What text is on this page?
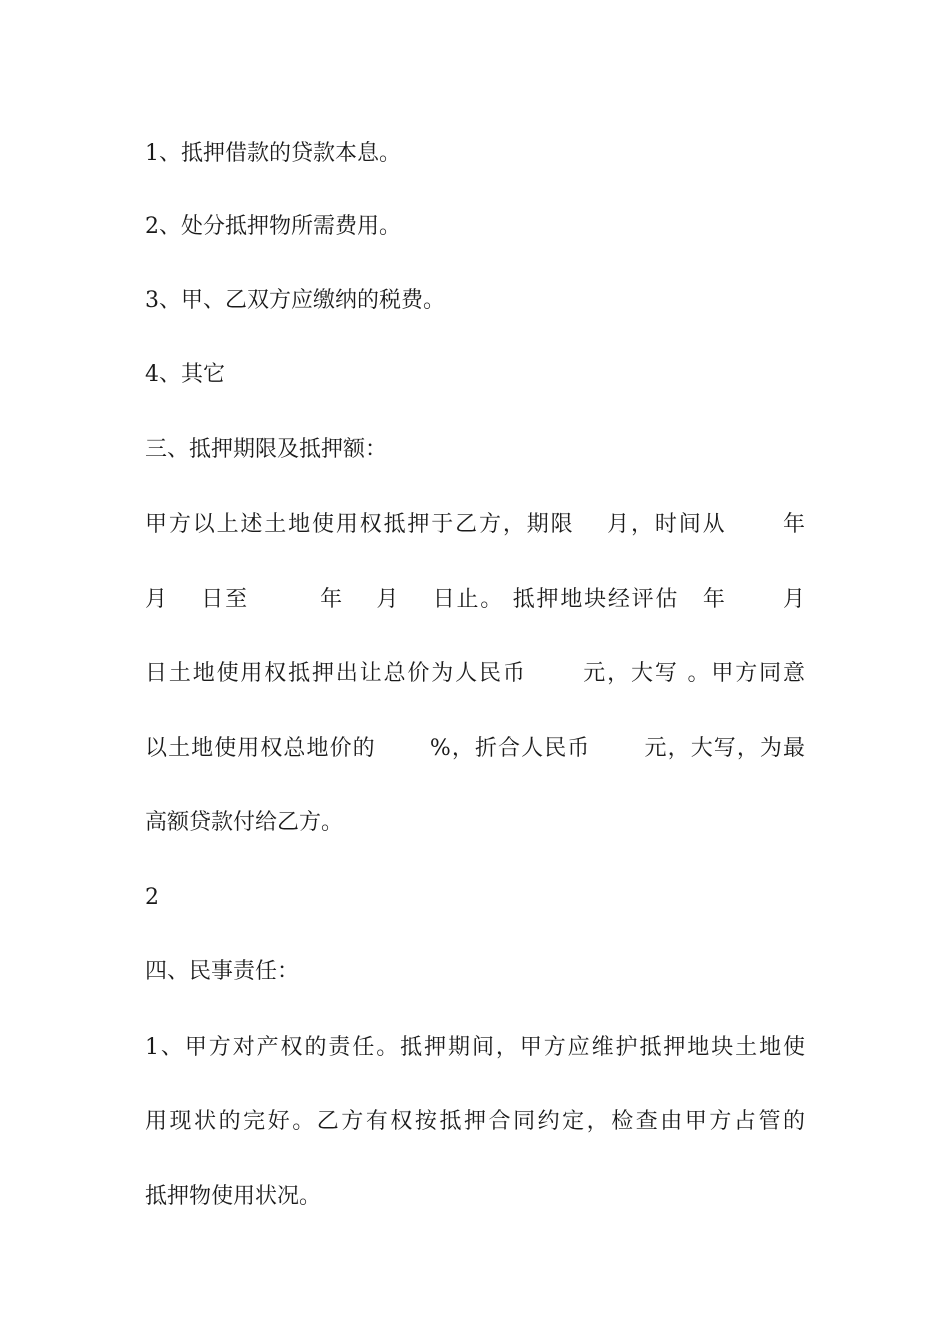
1、抵押借款的贷款本息。
2、处分抵押物所需费用。
3、甲、乙双方应缴纳的税费。
4、其它
三、抵押期限及抵押额：
甲方以上述土地使用权抵押于乙方，期限　 月，时间从　　 年
月　 日至　　　年　 月　 日止。 抵押地块经评估　年　　 月
日土地使用权抵押出让总价为人民币　　 元，大写 。甲方同意
以土地使用权总地价的　　 %，折合人民币　　 元，大写，为最
高额贷款付给乙方。
2
四、民事责任：
1、甲方对产权的责任。抵押期间，甲方应维护抵押地块土地使
用现状的完好。乙方有权按抵押合同约定，检查由甲方占管的
抵押物使用状况。
